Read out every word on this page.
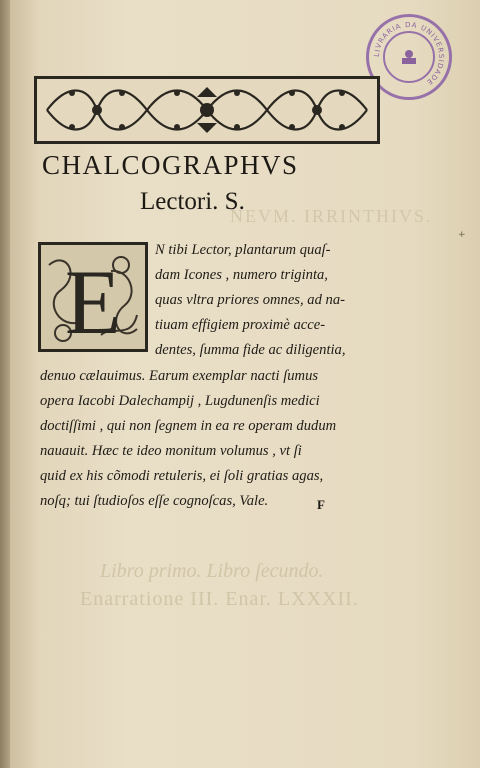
NEVM. IRRINTHIVS.
Libro primo. Libro ſecundo.
Enarratione III. Enar. LXXXII.
LIVRARIA DA UNIVERSIDADE
CHALCOGRAPHVS
Lectori. S.
E
N tibi Lector, plantarum quaſ-
dam Icones , numero triginta,
quas vltra priores omnes, ad na-
tiuam effigiem proximè acce-
dentes, ſumma fide ac diligentia,
denuo cælauimus. Earum exemplar nacti ſumus
opera Iacobi Dalechampij , Lugdunenſis medici
doctiſſimi , qui non ſegnem in ea re operam dudum
nauauit. Hæc te ideo monitum volumus , vt ſi
quid ex his cõmodi retuleris, ei ſoli gratias agas,
noſq; tui ſtudioſos eſſe cognoſcas, Vale.	F
+
